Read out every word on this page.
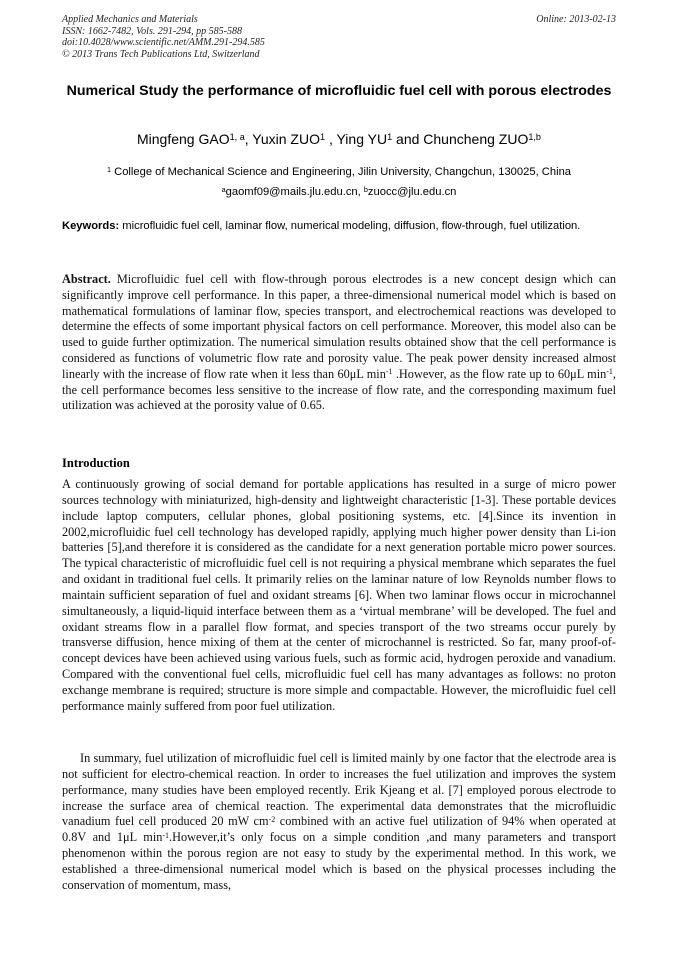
Applied Mechanics and Materials
ISSN: 1662-7482, Vols. 291-294, pp 585-588
doi:10.4028/www.scientific.net/AMM.291-294.585
© 2013 Trans Tech Publications Ltd, Switzerland
Online: 2013-02-13
Numerical Study the performance of microfluidic fuel cell with porous electrodes
Mingfeng GAO$^{1, a}$, Yuxin ZUO$^1$ , Ying $YU^1$ and Chuncheng ZUO$^{1,b}$
$^1$ College of Mechanical Science and Engineering, Jilin University, Changchun, 130025, China
$^a$gaomf09@mails.jlu.edu.cn, $^b$zuocc@jlu.edu.cn
Keywords: microfluidic fuel cell, laminar flow, numerical modeling, diffusion, flow-through, fuel utilization.
Abstract. Microfluidic fuel cell with flow-through porous electrodes is a new concept design which can significantly improve cell performance. In this paper, a three-dimensional numerical model which is based on mathematical formulations of laminar flow, species transport, and electrochemical reactions was developed to determine the effects of some important physical factors on cell performance. Moreover, this model also can be used to guide further optimization. The numerical simulation results obtained show that the cell performance is considered as functions of volumetric flow rate and porosity value. The peak power density increased almost linearly with the increase of flow rate when it less than 60μL $\min^{-1}$ .However, as the flow rate up to 60μL $\min^{-1}$, the cell performance becomes less sensitive to the increase of flow rate, and the corresponding maximum fuel utilization was achieved at the porosity value of 0.65.
Introduction

A continuously growing of social demand for portable applications has resulted in a surge of micro power sources technology with miniaturized, high-density and lightweight characteristic [1-3]. These portable devices include laptop computers, cellular phones, global positioning systems, etc. [4].Since its invention in 2002,microfluidic fuel cell technology has developed rapidly, applying much higher power density than Li-ion batteries [5],and therefore it is considered as the candidate for a next generation portable micro power sources. The typical characteristic of microfluidic fuel cell is not requiring a physical membrane which separates the fuel and oxidant in traditional fuel cells. It primarily relies on the laminar nature of low Reynolds number flows to maintain sufficient separation of fuel and oxidant streams [6]. When two laminar flows occur in microchannel simultaneously, a liquid-liquid interface between them as a ‘virtual membrane’ will be developed. The fuel and oxidant streams flow in a parallel flow format, and species transport of the two streams occur purely by transverse diffusion, hence mixing of them at the center of microchannel is restricted. So far, many proof-of-concept devices have been achieved using various fuels, such as formic acid, hydrogen peroxide and vanadium. Compared with the conventional fuel cells, microfluidic fuel cell has many advantages as follows: no proton exchange membrane is required; structure is more simple and compactable. However, the microfluidic fuel cell performance mainly suffered from poor fuel utilization.

In summary, fuel utilization of microfluidic fuel cell is limited mainly by one factor that the electrode area is not sufficient for electro-chemical reaction. In order to increases the fuel utilization and improves the system performance, many studies have been employed recently. Erik Kjeang et al. [7] employed porous electrode to increase the surface area of chemical reaction. The experimental data demonstrates that the microfluidic vanadium fuel cell produced 20 mW $cm^{-2}$ combined with an active fuel utilization of 94% when operated at 0.8V and 1μL $\min^{-1}.However,it’s$ only focus on a simple condition ,and many parameters and transport phenomenon within the porous region are not easy to study by the experimental method. In this work, we established a three-dimensional numerical model which is based on the physical processes including the conservation of momentum, mass,
